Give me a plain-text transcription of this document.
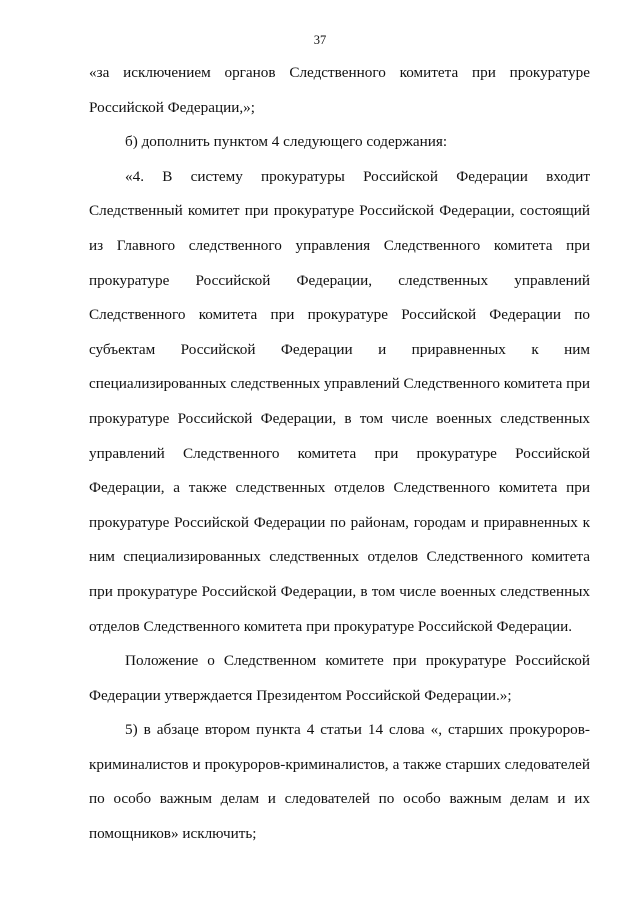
37
«за исключением органов Следственного комитета при прокуратуре
Российской Федерации,»;
б) дополнить пунктом 4 следующего содержания:
«4. В систему прокуратуры Российской Федерации входит
Следственный комитет при прокуратуре Российской Федерации, состоящий
из Главного следственного управления Следственного комитета при
прокуратуре Российской Федерации, следственных управлений
Следственного комитета при прокуратуре Российской Федерации по
субъектам Российской Федерации и приравненных к ним
специализированных следственных управлений Следственного комитета при
прокуратуре Российской Федерации, в том числе военных следственных
управлений Следственного комитета при прокуратуре Российской
Федерации, а также следственных отделов Следственного комитета при
прокуратуре Российской Федерации по районам, городам и приравненных к
ним специализированных следственных отделов Следственного комитета
при прокуратуре Российской Федерации, в том числе военных следственных
отделов Следственного комитета при прокуратуре Российской Федерации.
Положение о Следственном комитете при прокуратуре Российской
Федерации утверждается Президентом Российской Федерации.»;
5) в абзаце втором пункта 4 статьи 14 слова «, старших прокуроров-
криминалистов и прокуроров-криминалистов, а также старших следователей
по особо важным делам и следователей по особо важным делам и их
помощников» исключить;
